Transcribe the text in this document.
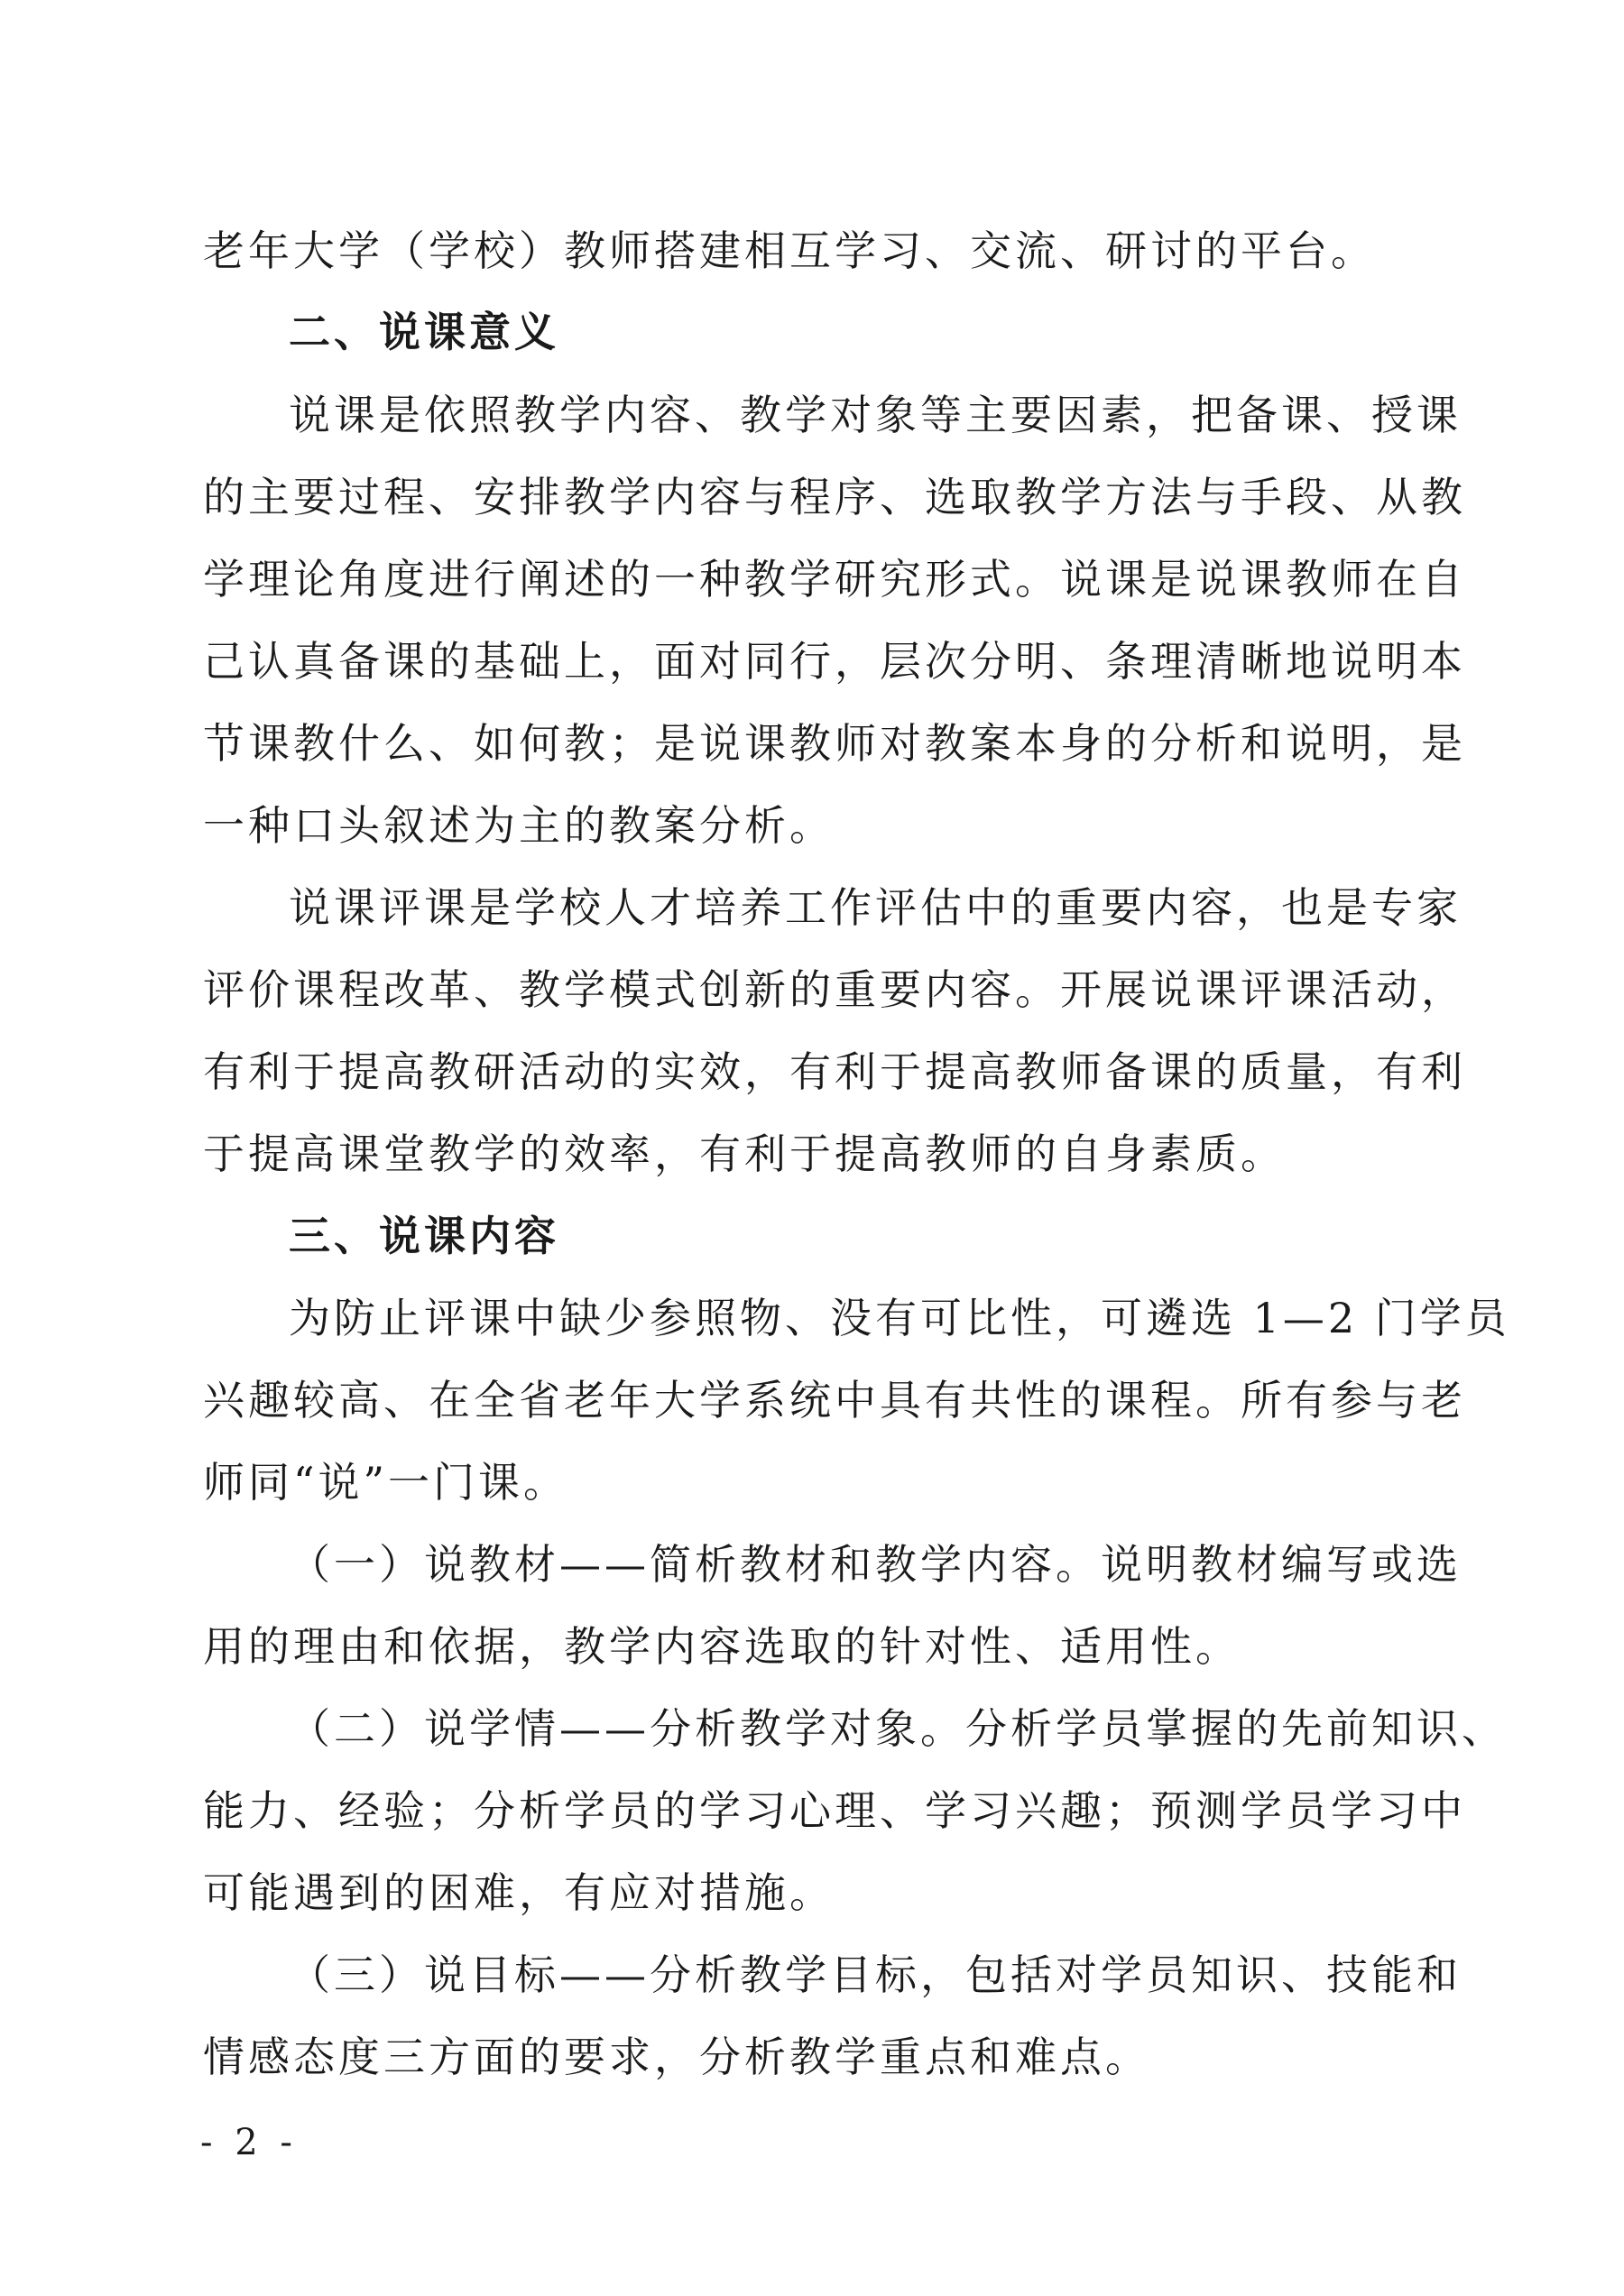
老年大学（学校）教师搭建相互学习、交流、研讨的平台。
二、说课意义
说课是依照教学内容、教学对象等主要因素，把备课、授课
的主要过程、安排教学内容与程序、选取教学方法与手段、从教
学理论角度进行阐述的一种教学研究形式。说课是说课教师在自
己认真备课的基础上，面对同行，层次分明、条理清晰地说明本
节课教什么、如何教；是说课教师对教案本身的分析和说明，是
一种口头叙述为主的教案分析。
说课评课是学校人才培养工作评估中的重要内容，也是专家
评价课程改革、教学模式创新的重要内容。开展说课评课活动，
有利于提高教研活动的实效，有利于提高教师备课的质量，有利
于提高课堂教学的效率，有利于提高教师的自身素质。
三、说课内容
为防止评课中缺少参照物、没有可比性，可遴选 1—2 门学员
兴趣较高、在全省老年大学系统中具有共性的课程。所有参与老
师同“说”一门课。
（一）说教材——简析教材和教学内容。说明教材编写或选
用的理由和依据，教学内容选取的针对性、适用性。
（二）说学情——分析教学对象。分析学员掌握的先前知识、
能力、经验；分析学员的学习心理、学习兴趣；预测学员学习中
可能遇到的困难，有应对措施。
（三）说目标——分析教学目标，包括对学员知识、技能和
情感态度三方面的要求，分析教学重点和难点。
- 2 -
